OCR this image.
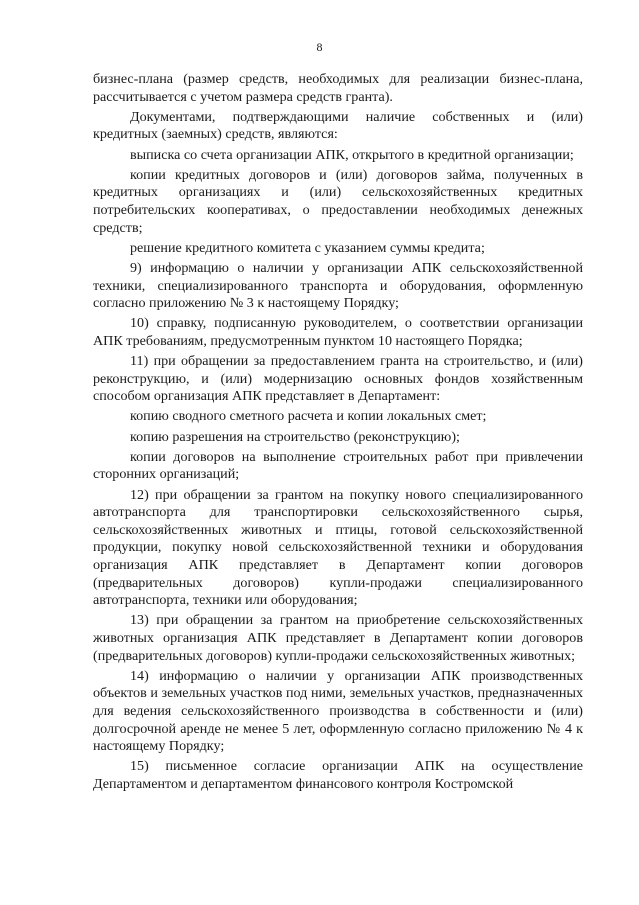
8

бизнес-плана (размер средств, необходимых для реализации бизнес-плана, рассчитывается с учетом размера средств гранта).

Документами, подтверждающими наличие собственных и (или) кредитных (заемных) средств, являются:

выписка со счета организации АПК, открытого в кредитной организации;

копии кредитных договоров и (или) договоров займа, полученных в кредитных организациях и (или) сельскохозяйственных кредитных потребительских кооперативах, о предоставлении необходимых денежных средств;

решение кредитного комитета с указанием суммы кредита;

9) информацию о наличии у организации АПК сельскохозяйственной техники, специализированного транспорта и оборудования, оформленную согласно приложению № 3 к настоящему Порядку;

10) справку, подписанную руководителем, о соответствии организации АПК требованиям, предусмотренным пунктом 10 настоящего Порядка;

11) при обращении за предоставлением гранта на строительство, и (или) реконструкцию, и (или) модернизацию основных фондов хозяйственным способом организация АПК представляет в Департамент:

копию сводного сметного расчета и копии локальных смет;

копию разрешения на строительство (реконструкцию);

копии договоров на выполнение строительных работ при привлечении сторонних организаций;

12) при обращении за грантом на покупку нового специализированного автотранспорта для транспортировки сельскохозяйственного сырья, сельскохозяйственных животных и птицы, готовой сельскохозяйственной продукции, покупку новой сельскохозяйственной техники и оборудования организация АПК представляет в Департамент копии договоров (предварительных договоров) купли-продажи специализированного автотранспорта, техники или оборудования;

13) при обращении за грантом на приобретение сельскохозяйственных животных организация АПК представляет в Департамент копии договоров (предварительных договоров) купли-продажи сельскохозяйственных животных;

14) информацию о наличии у организации АПК производственных объектов и земельных участков под ними, земельных участков, предназначенных для ведения сельскохозяйственного производства в собственности и (или) долгосрочной аренде не менее 5 лет, оформленную согласно приложению № 4 к настоящему Порядку;

15) письменное согласие организации АПК на осуществление Департаментом и департаментом финансового контроля Костромской
